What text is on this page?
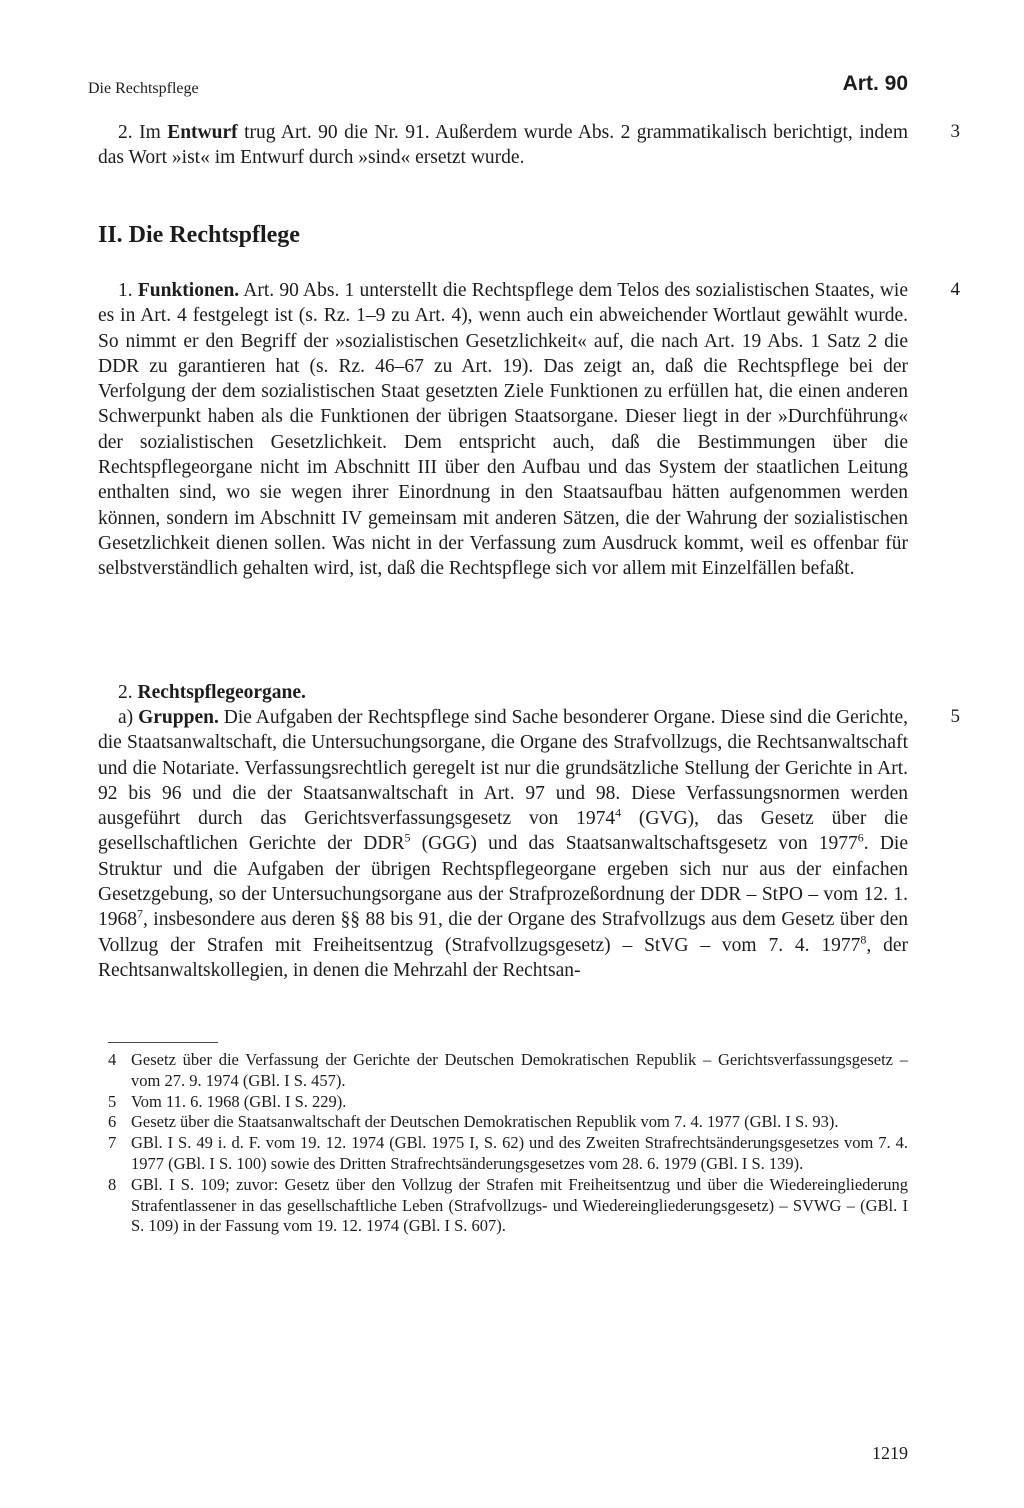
Die Rechtspflege	Art. 90

2. Im Entwurf trug Art. 90 die Nr. 91. Außerdem wurde Abs. 2 grammatikalisch berichtigt, indem das Wort »ist« im Entwurf durch »sind« ersetzt wurde.

3
II. Die Rechtspflege

1. Funktionen. Art. 90 Abs. 1 unterstellt die Rechtspflege dem Telos des sozialistischen Staates, wie es in Art. 4 festgelegt ist (s. Rz. 1–9 zu Art. 4), wenn auch ein abweichender Wortlaut gewählt wurde. So nimmt er den Begriff der »sozialistischen Gesetzlichkeit« auf, die nach Art. 19 Abs. 1 Satz 2 die DDR zu garantieren hat (s. Rz. 46–67 zu Art. 19). Das zeigt an, daß die Rechtspflege bei der Verfolgung der dem sozialistischen Staat gesetzten Ziele Funktionen zu erfüllen hat, die einen anderen Schwerpunkt haben als die Funktionen der übrigen Staatsorgane. Dieser liegt in der »Durchführung« der sozialistischen Gesetzlichkeit. Dem entspricht auch, daß die Bestimmungen über die Rechtspflegeorgane nicht im Abschnitt III über den Aufbau und das System der staatlichen Leitung enthalten sind, wo sie wegen ihrer Einordnung in den Staatsaufbau hätten aufgenommen werden können, sondern im Abschnitt IV gemeinsam mit anderen Sätzen, die der Wahrung der sozialistischen Gesetzlichkeit dienen sollen. Was nicht in der Verfassung zum Ausdruck kommt, weil es offenbar für selbstverständlich gehalten wird, ist, daß die Rechtspflege sich vor allem mit Einzelfällen befaßt.

4

2. Rechtspflegeorgane.

a) Gruppen. Die Aufgaben der Rechtspflege sind Sache besonderer Organe. Diese sind die Gerichte, die Staatsanwaltschaft, die Untersuchungsorgane, die Organe des Strafvollzugs, die Rechtsanwaltschaft und die Notariate. Verfassungsrechtlich geregelt ist nur die grundsätzliche Stellung der Gerichte in Art. 92 bis 96 und die der Staatsanwaltschaft in Art. 97 und 98. Diese Verfassungsnormen werden ausgeführt durch das Gerichtsverfassungsgesetz von 1974$^4$ (GVG), das Gesetz über die gesellschaftlichen Gerichte der DDR$^5$ (GGG) und das Staatsanwaltschaftsgesetz von 1977$^6$. Die Struktur und die Aufgaben der übrigen Rechtspflegeorgane ergeben sich nur aus der einfachen Gesetzgebung, so der Untersuchungsorgane aus der Strafprozeßordnung der DDR – StPO – vom 12. 1. 1968$^7$, insbesondere aus deren §§ 88 bis 91, die der Organe des Strafvollzugs aus dem Gesetz über den Vollzug der Strafen mit Freiheitsentzug (Strafvollzugsgesetz) – StVG – vom 7. 4. 1977$^8$, der Rechtsanwaltskollegien, in denen die Mehrzahl der Rechtsan-

5

4 Gesetz über die Verfassung der Gerichte der Deutschen Demokratischen Republik – Gerichtsverfassungsgesetz – vom 27. 9. 1974 (GBl. I S. 457).

5 Vom 11. 6. 1968 (GBl. I S. 229).

6 Gesetz über die Staatsanwaltschaft der Deutschen Demokratischen Republik vom 7. 4. 1977 (GBl. I S. 93).

7 GBl. I S. 49 i. d. F. vom 19. 12. 1974 (GBl. 1975 I, S. 62) und des Zweiten Strafrechtsänderungsgesetzes vom 7. 4. 1977 (GBl. I S. 100) sowie des Dritten Strafrechtsänderungsgesetzes vom 28. 6. 1979 (GBl. I S. 139).

8 GBl. I S. 109; zuvor: Gesetz über den Vollzug der Strafen mit Freiheitsentzug und über die Wiedereingliederung Strafentlassener in das gesellschaftliche Leben (Strafvollzugs- und Wiedereingliederungsgesetz) – SVWG – (GBl. I S. 109) in der Fassung vom 19. 12. 1974 (GBl. I S. 607).

1219
